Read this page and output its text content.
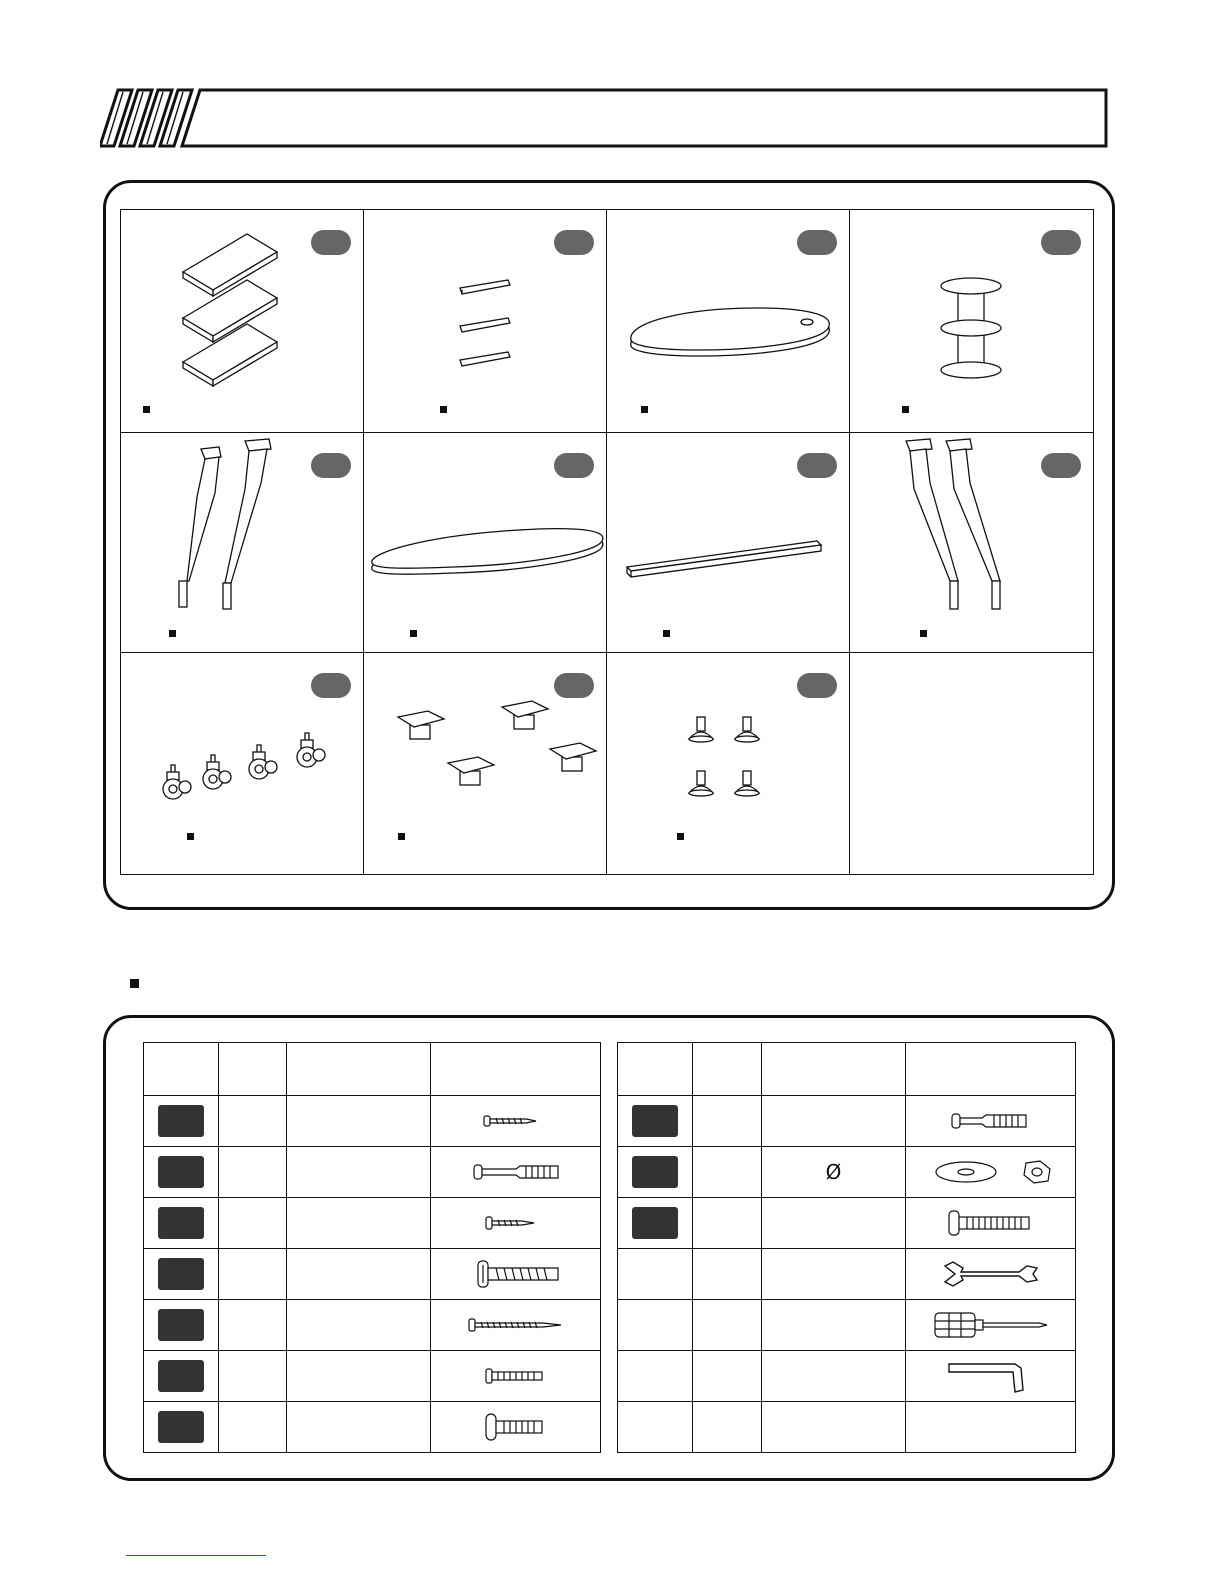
		Ø	
